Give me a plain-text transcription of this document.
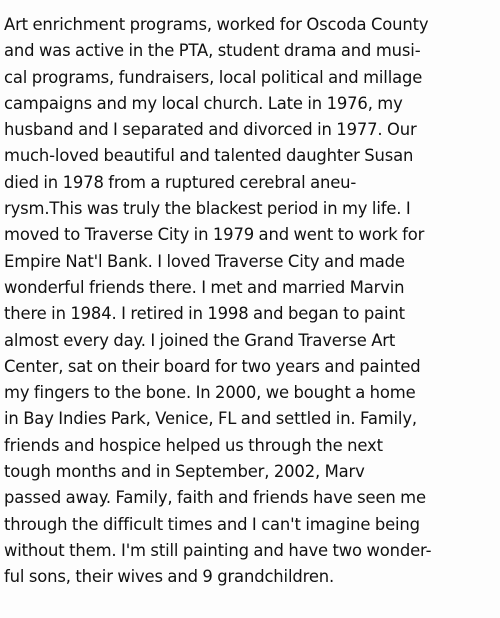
Art enrichment programs, worked for Oscoda County
and was active in the PTA, student drama and musi-
cal programs, fundraisers, local political and millage
campaigns and my local church. Late in 1976, my
husband and I separated and divorced in 1977. Our
much-loved beautiful and talented daughter Susan
died in 1978 from a ruptured cerebral aneu-
rysm.This was truly the blackest period in my life. I
moved to Traverse City in 1979 and went to work for
Empire Nat'l Bank. I loved Traverse City and made
wonderful friends there. I met and married Marvin
there in 1984. I retired in 1998 and began to paint
almost every day. I joined the Grand Traverse Art
Center, sat on their board for two years and painted
my fingers to the bone. In 2000, we bought a home
in Bay Indies Park, Venice, FL and settled in. Family,
friends and hospice helped us through the next
tough months and in September, 2002, Marv
passed away. Family, faith and friends have seen me
through the difficult times and I can't imagine being
without them. I'm still painting and have two wonder-
ful sons, their wives and 9 grandchildren.
